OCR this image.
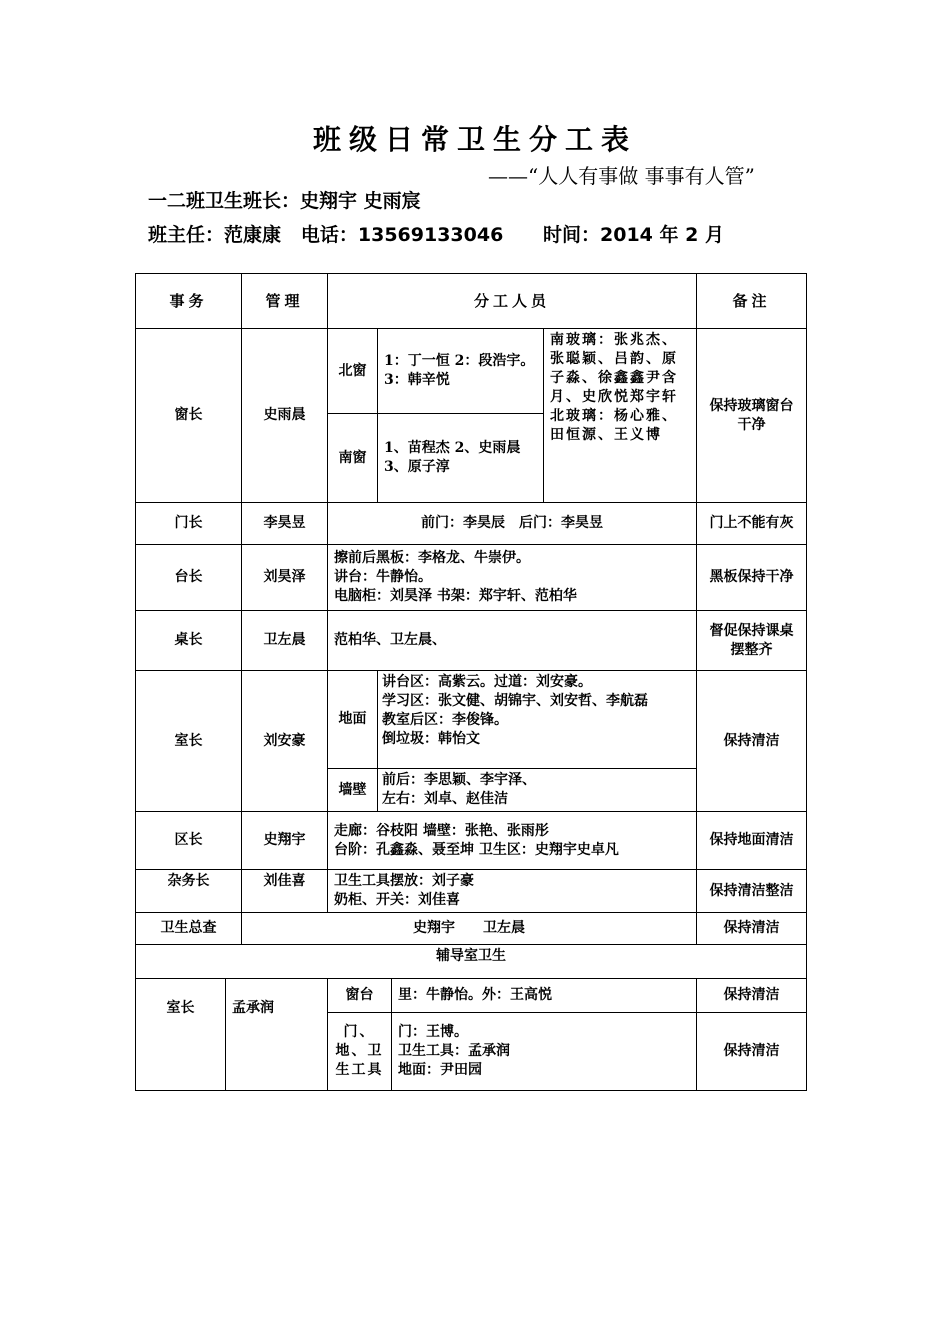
班级日常卫生分工表
——“人人有事做 事事有人管”
一二班卫生班长：史翔宇 史雨宸
班主任：范康康 电话：13569133046 时间：2014 年 2 月
事务		管理	分工人员				备注
窗长		史雨晨	北窗	1：丁一恒 2：段浩宇。3：韩辛悦		南玻璃：张兆杰、张聪颖、吕韵、原子淼、徐鑫鑫尹含月、史欣悦郑宇轩 北玻璃：杨心雅、田恒源、王义博	保持玻璃窗台干净
			南窗	1、苗程杰 2、史雨晨 3、原子淳			
门长		李昊昱	前门：李昊辰　后门：李昊昱				门上不能有灰
台长		刘昊泽	擦前后黑板：李格龙、牛崇伊。
讲台：牛静怡。
电脑柜：刘昊泽 书架：郑宇轩、范柏华				黑板保持干净
桌长		卫左晨	范柏华、卫左晨、				督促保持课桌摆整齐
室长		刘安豪	地面	讲台区：高紫云。过道：刘安豪。
学习区：张文健、胡锦宇、刘安哲、李航磊
教室后区：李俊锋。
倒垃圾：韩怡文			保持清洁
			墙壁	前后：李思颖、李宇泽、
左右：刘卓、赵佳洁			

区长		史翔宇	走廊：谷枝阳 墙壁：张艳、张雨彤
台阶：孔鑫淼、聂至坤 卫生区：史翔宇史卓凡				保持地面清洁
杂务长		刘佳喜	卫生工具摆放：刘子豪
奶柜、开关：刘佳喜				保持清洁整洁
卫生总查		史翔宇　　卫左晨					保持清洁
辅导室卫生							
室长	孟承润		窗台		里：牛静怡。外：王高悦		保持清洁
			门、地、卫生工具		门：王博。
卫生工具：孟承润
地面：尹田园		保持清洁
